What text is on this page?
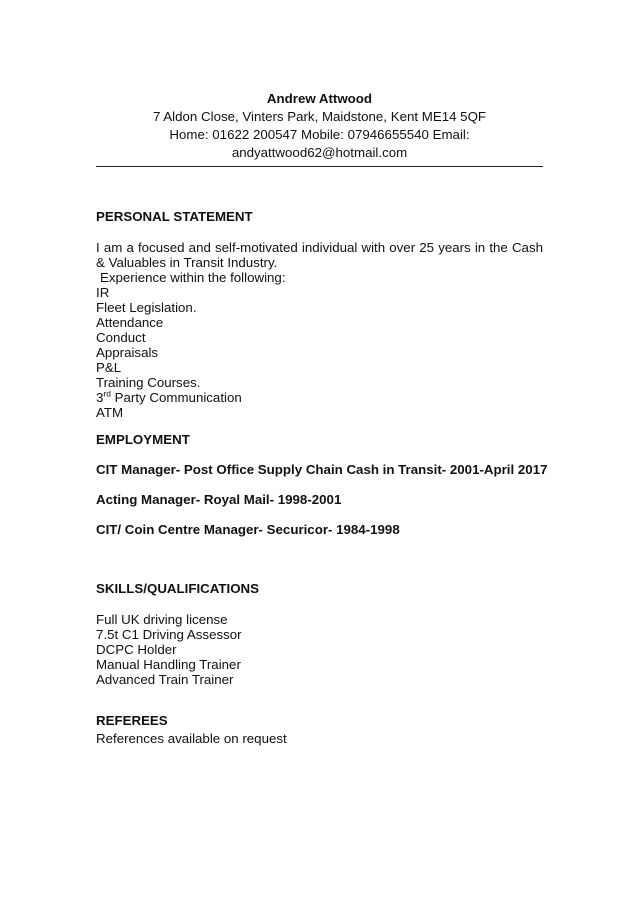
Andrew Attwood
7 Aldon Close, Vinters Park, Maidstone, Kent ME14 5QF
Home: 01622 200547 Mobile: 07946655540 Email:
andyattwood62@hotmail.com
PERSONAL STATEMENT
I am a focused and self-motivated individual with over 25 years in the Cash & Valuables in Transit Industry.
Experience within the following:
IR
Fleet Legislation.
Attendance
Conduct
Appraisals
P&L
Training Courses.
3rd Party Communication
ATM
EMPLOYMENT
CIT Manager- Post Office Supply Chain Cash in Transit- 2001-April 2017
Acting Manager- Royal Mail- 1998-2001
CIT/ Coin Centre Manager- Securicor- 1984-1998
SKILLS/QUALIFICATIONS
Full UK driving license
7.5t C1 Driving Assessor
DCPC Holder
Manual Handling Trainer
Advanced Train Trainer
REFEREES
References available on request
